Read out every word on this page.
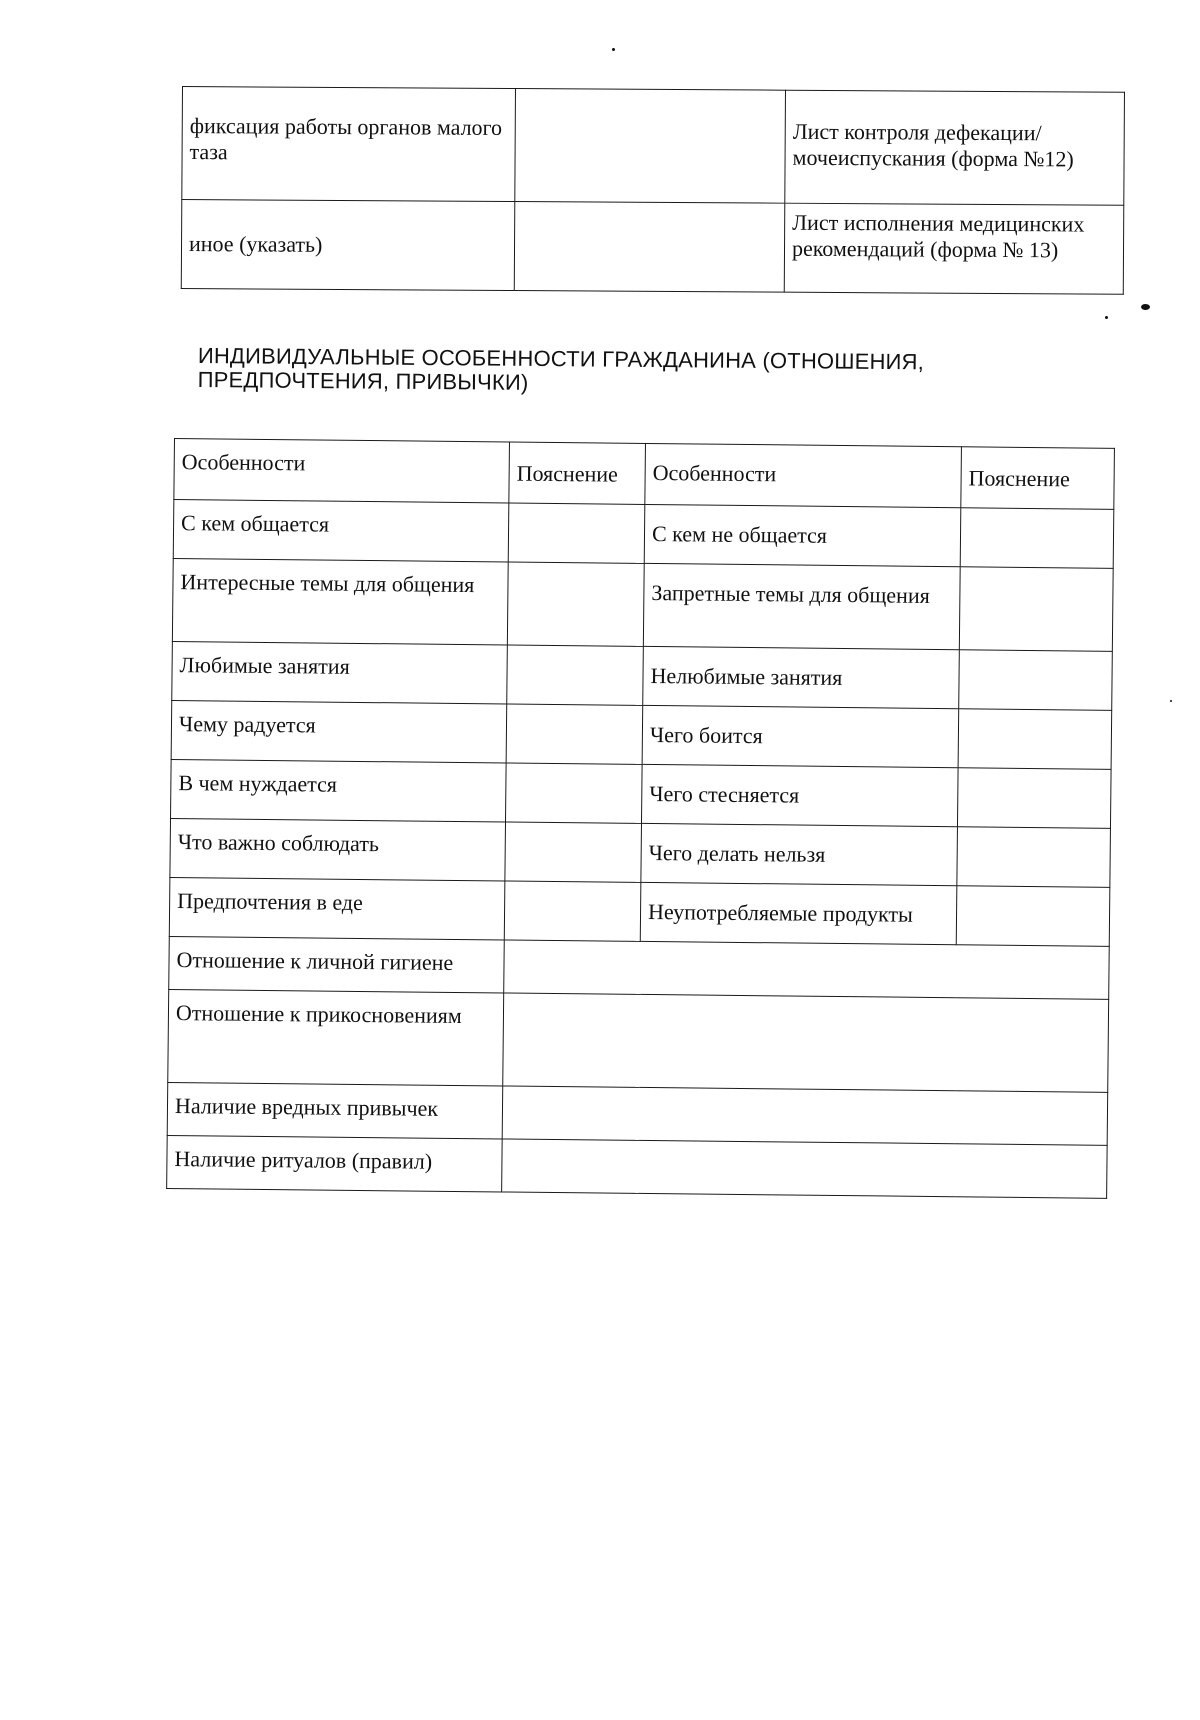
фиксация работы органов малого таза		Лист контроля дефекации/мочеиспускания (форма №12)
иное (указать)		Лист исполнения медицинских рекомендаций (форма № 13)
ИНДИВИДУАЛЬНЫЕ ОСОБЕННОСТИ ГРАЖДАНИНА (ОТНОШЕНИЯ, ПРЕДПОЧТЕНИЯ, ПРИВЫЧКИ)
Особенности	Пояснение	Особенности	Пояснение
С кем общается		С кем не общается	
Интересные темы для общения		Запретные темы для общения	
Любимые занятия		Нелюбимые занятия	
Чему радуется		Чего боится	
В чем нуждается		Чего стесняется	
Что важно соблюдать		Чего делать нельзя	
Предпочтения в еде		Неупотребляемые продукты	
Отношение к личной гигиене			
Отношение к прикосновениям			
Наличие вредных привычек			
Наличие ритуалов (правил)			
